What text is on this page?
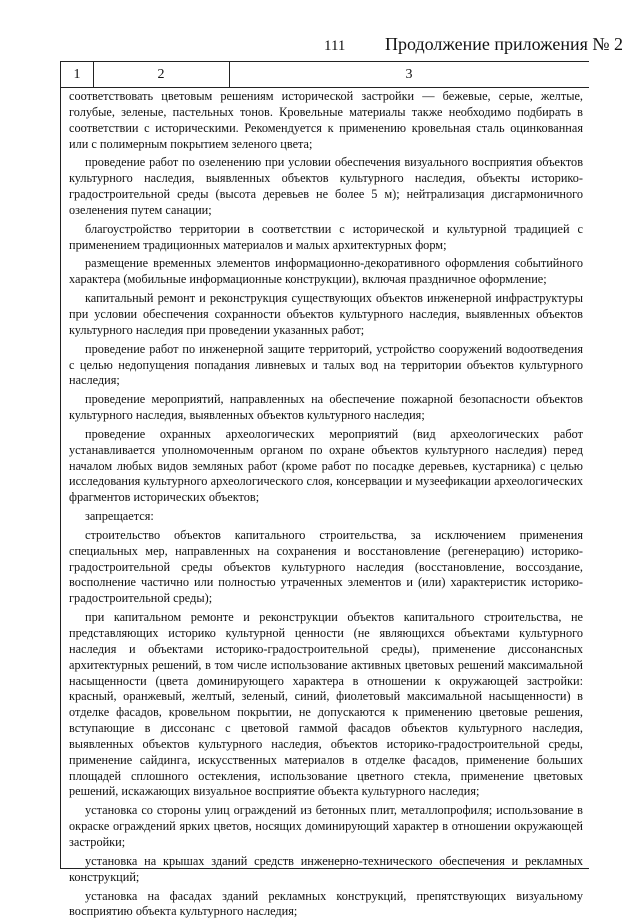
111 Продолжение приложения № 2
1	2	3

соответствовать цветовым решениям исторической застройки — бежевые, серые, желтые, голубые, зеленые, пастельных тонов. Кровельные материалы также необходимо подбирать в соответствии с историческими. Рекомендуется к применению кровельная сталь оцинкованная или с полимерным покрытием зеленого цвета;

проведение работ по озеленению при условии обеспечения визуального восприятия объектов культурного наследия, выявленных объектов культурного наследия, объекты историко-градостроительной среды (высота деревьев не более 5 м); нейтрализация дисгармоничного озеленения путем санации;

благоустройство территории в соответствии с исторической и культурной традицией с применением традиционных материалов и малых архитектурных форм;

размещение временных элементов информационно-декоративного оформления событийного характера (мобильные информационные конструкции), включая праздничное оформление;

капитальный ремонт и реконструкция существующих объектов инженерной инфраструктуры при условии обеспечения сохранности объектов культурного наследия, выявленных объектов культурного наследия при проведении указанных работ;

проведение работ по инженерной защите территорий, устройство сооружений водоотведения с целью недопущения попадания ливневых и талых вод на территории объектов культурного наследия;

проведение мероприятий, направленных на обеспечение пожарной безопасности объектов культурного наследия, выявленных объектов культурного наследия;

проведение охранных археологических мероприятий (вид археологических работ устанавливается уполномоченным органом по охране объектов культурного наследия) перед началом любых видов земляных работ (кроме работ по посадке деревьев, кустарника) с целью исследования культурного археологического слоя, консервации и музеефикации археологических фрагментов исторических объектов;

запрещается:

строительство объектов капитального строительства, за исключением применения специальных мер, направленных на сохранения и восстановление (регенерацию) историко-градостроительной среды объектов культурного наследия (восстановление, воссоздание, восполнение частично или полностью утраченных элементов и (или) характеристик историко-градостроительной среды);

при капитальном ремонте и реконструкции объектов капитального строительства, не представляющих историко культурной ценности (не являющихся объектами культурного наследия и объектами историко-градостроительной среды), применение диссонансных архитектурных решений, в том числе использование активных цветовых решений максимальной насыщенности (цвета доминирующего характера в отношении к окружающей застройки: красный, оранжевый, желтый, зеленый, синий, фиолетовый максимальной насыщенности) в отделке фасадов, кровельном покрытии, не допускаются к применению цветовые решения, вступающие в диссонанс с цветовой гаммой фасадов объектов культурного наследия, выявленных объектов культурного наследия, объектов историко-градостроительной среды, применение сайдинга, искусственных материалов в отделке фасадов, применение больших площадей сплошного остекления, использование цветного стекла, применение цветовых решений, искажающих визуальное восприятие объекта культурного наследия;

установка со стороны улиц ограждений из бетонных плит, металлопрофиля; использование в окраске ограждений ярких цветов, носящих доминирующий характер в отношении окружающей застройки;

установка на крышах зданий средств инженерно-технического обеспечения и рекламных конструкций;

установка на фасадах зданий рекламных конструкций, препятствующих визуальному восприятию объекта культурного наследия;
